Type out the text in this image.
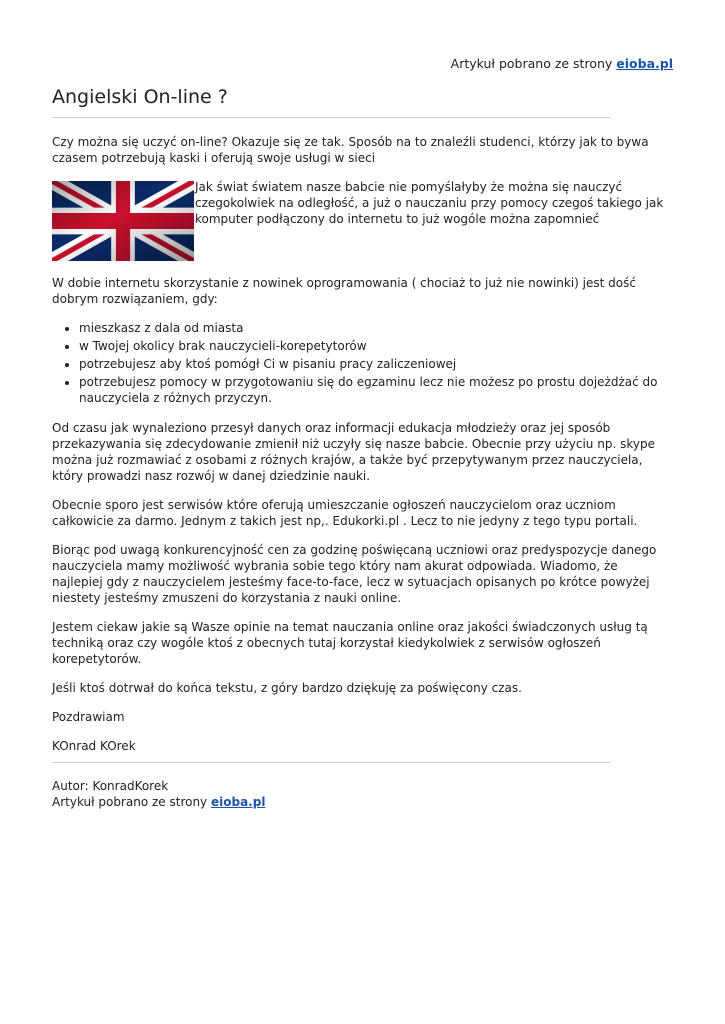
Artykuł pobrano ze strony eioba.pl
Angielski On-line ?

Czy można się uczyć on-line? Okazuje się ze tak. Sposób na to znaleźli studenci, którzy jak to bywa czasem potrzebują kaski i oferują swoje usługi w sieci

Jak świat światem nasze babcie nie pomyślałyby że można się nauczyć czegokolwiek na odległość, a już o nauczaniu przy pomocy czegoś takiego jak komputer podłączony do internetu to już wogóle można zapomnieć

W dobie internetu skorzystanie z nowinek oprogramowania ( chociaż to już nie nowinki) jest dość dobrym rozwiązaniem, gdy:

• mieszkasz z dala od miasta
• w Twojej okolicy brak nauczycieli-korepetytorów
• potrzebujesz aby ktoś pomógł Ci w pisaniu pracy zaliczeniowej
• potrzebujesz pomocy w przygotowaniu się do egzaminu lecz nie możesz po prostu dojeżdżać do nauczyciela z różnych przyczyn.

Od czasu jak wynaleziono przesył danych oraz informacji edukacja młodzieży oraz jej sposób przekazywania się zdecydowanie zmienił niż uczyły się nasze babcie. Obecnie przy użyciu np. skype można już rozmawiać z osobami z różnych krajów, a także być przepytywanym przez nauczyciela, który prowadzi nasz rozwój w danej dziedzinie nauki.

Obecnie sporo jest serwisów które oferują umieszczanie ogłoszeń nauczycielom oraz uczniom całkowicie za darmo. Jednym z takich jest np,. Edukorki.pl . Lecz to nie jedyny z tego typu portali.

Biorąc pod uwagą konkurencyjność cen za godzinę poświęcaną uczniowi oraz predyspozycje danego nauczyciela mamy możliwość wybrania sobie tego który nam akurat odpowiada. Wiadomo, że najlepiej gdy z nauczycielem jesteśmy face-to-face, lecz w sytuacjach opisanych po krótce powyżej niestety jesteśmy zmuszeni do korzystania z nauki online.

Jestem ciekaw jakie są Wasze opinie na temat nauczania online oraz jakości świadczonych usług tą techniką oraz czy wogóle ktoś z obecnych tutaj korzystał kiedykolwiek z serwisów ogłoszeń korepetytorów.

Jeśli ktoś dotrwał do końca tekstu, z góry bardzo dziękuję za poświęcony czas.

Pozdrawiam

KOnrad KOrek

Autor: KonradKorek
Artykuł pobrano ze strony eioba.pl
